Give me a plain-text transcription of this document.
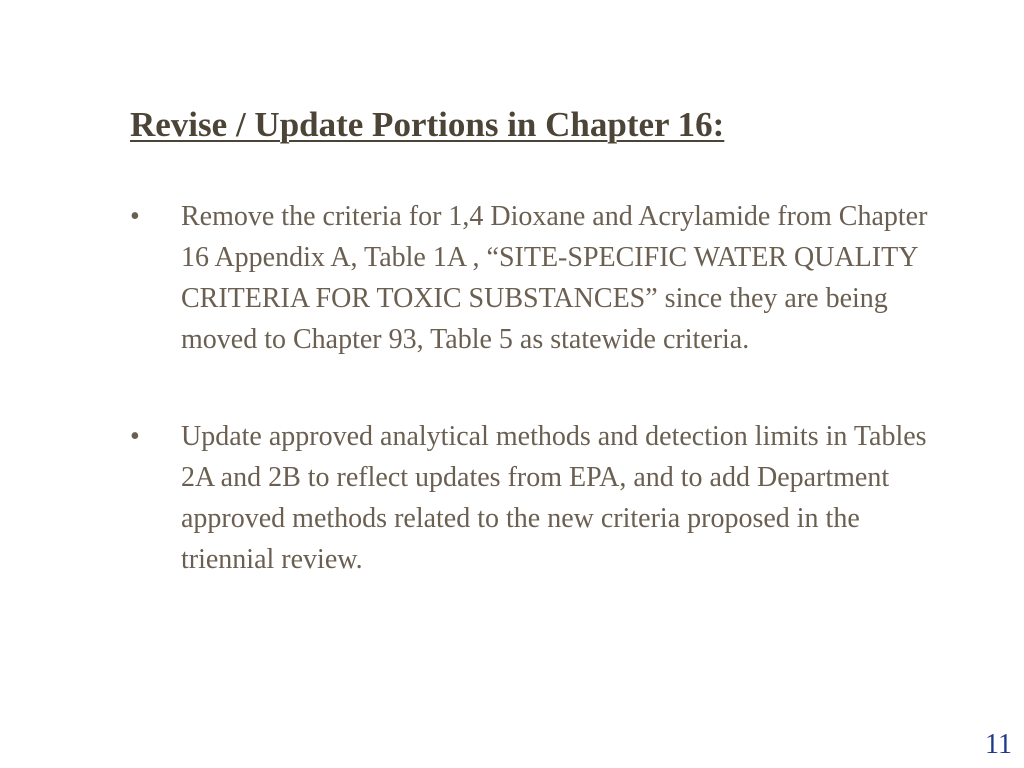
Revise / Update Portions in Chapter 16:
• Remove the criteria for 1,4 Dioxane and Acrylamide from Chapter 16 Appendix A, Table 1A , “SITE-SPECIFIC WATER QUALITY CRITERIA FOR TOXIC SUBSTANCES” since they are being moved to Chapter 93, Table 5 as statewide criteria.
• Update approved analytical methods and detection limits in Tables 2A and 2B to reflect updates from EPA, and to add Department approved methods related to the new criteria proposed in the triennial review.
11
